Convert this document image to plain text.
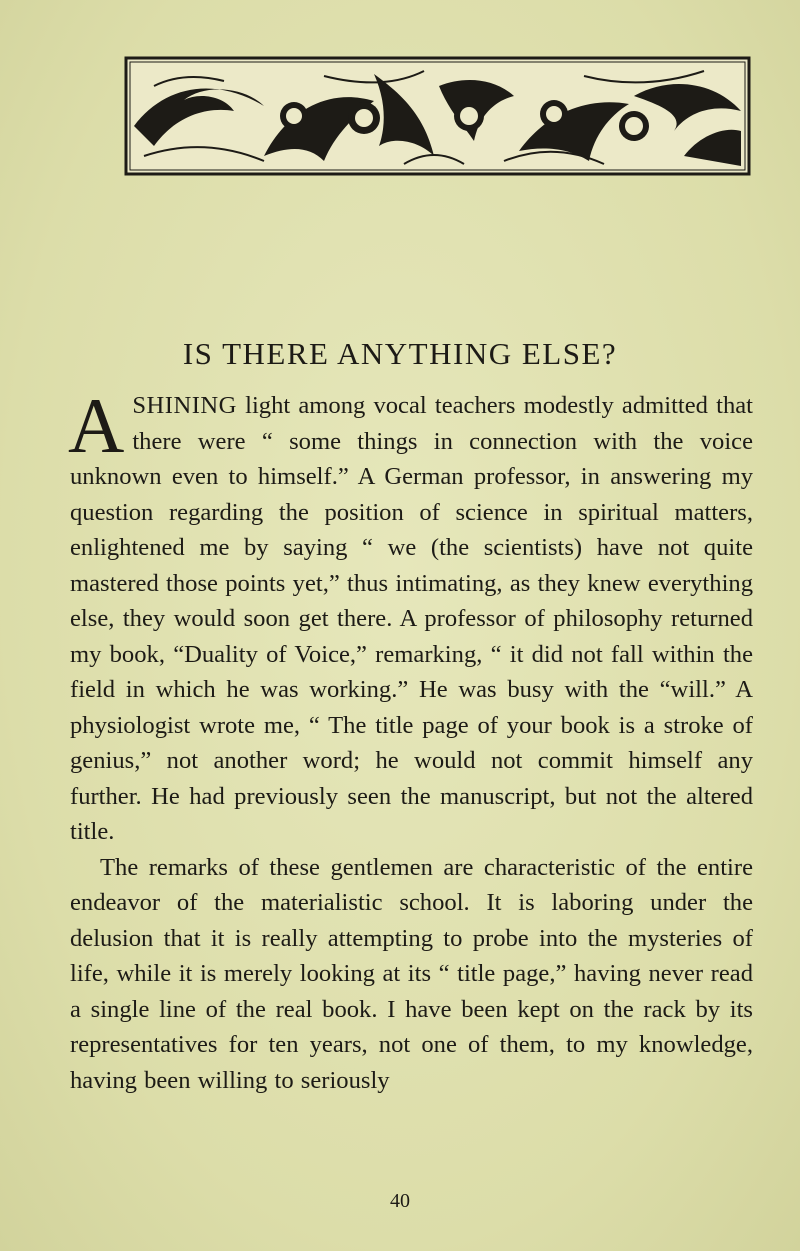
IS THERE ANYTHING ELSE?

ASHINING light among vocal teachers modestly admitted that there were “ some things in connection with the voice unknown even to himself.” A German professor, in answering my question regarding the position of science in spiritual matters, enlightened me by saying “ we (the scientists) have not quite mastered those points yet,” thus intimating, as they knew everything else, they would soon get there. A professor of philosophy returned my book, “Duality of Voice,” remarking, “ it did not fall within the field in which he was working.” He was busy with the “will.” A physiologist wrote me, “ The title page of your book is a stroke of genius,” not another word; he would not commit himself any further. He had previously seen the manuscript, but not the altered title.

The remarks of these gentlemen are characteristic of the entire endeavor of the materialistic school. It is laboring under the delusion that it is really attempting to probe into the mysteries of life, while it is merely looking at its “ title page,” having never read a single line of the real book. I have been kept on the rack by its representatives for ten years, not one of them, to my knowledge, having been willing to seriously

40
